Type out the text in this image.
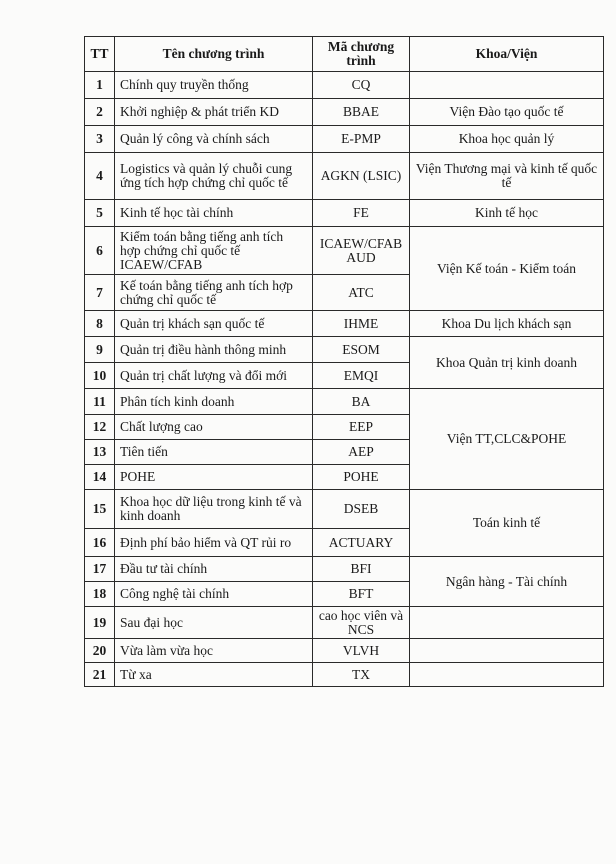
TT	Tên chương trình	Mã chương trình	Khoa/Viện
1	Chính quy truyền thống	CQ	
2	Khởi nghiệp & phát triển KD	BBAE	Viện Đào tạo quốc tế
3	Quản lý công và chính sách	E-PMP	Khoa học quản lý
4	Logistics và quản lý chuỗi cung ứng tích hợp chứng chỉ quốc tế	AGKN (LSIC)	Viện Thương mại và kinh tế quốc tế
5	Kinh tế học tài chính	FE	Kinh tế học
6	Kiểm toán bằng tiếng anh tích hợp chứng chỉ quốc tế ICAEW/CFAB	ICAEW/CFAB AUD	Viện Kế toán - Kiểm toán
7	Kế toán bằng tiếng anh tích hợp chứng chỉ quốc tế	ATC	
8	Quản trị khách sạn quốc tế	IHME	Khoa Du lịch khách sạn
9	Quản trị điều hành thông minh	ESOM	Khoa Quản trị kinh doanh
10	Quản trị chất lượng và đổi mới	EMQI	
11	Phân tích kinh doanh	BA	Viện TT,CLC&POHE
12	Chất lượng cao	EEP	
13	Tiên tiến	AEP	
14	POHE	POHE	
15	Khoa học dữ liệu trong kinh tế và kinh doanh	DSEB	Toán kinh tế
16	Định phí bảo hiểm và QT rủi ro	ACTUARY	
17	Đầu tư tài chính	BFI	Ngân hàng - Tài chính
18	Công nghệ tài chính	BFT	
19	Sau đại học	cao học viên và NCS	
20	Vừa làm vừa học	VLVH	
21	Từ xa	TX	
